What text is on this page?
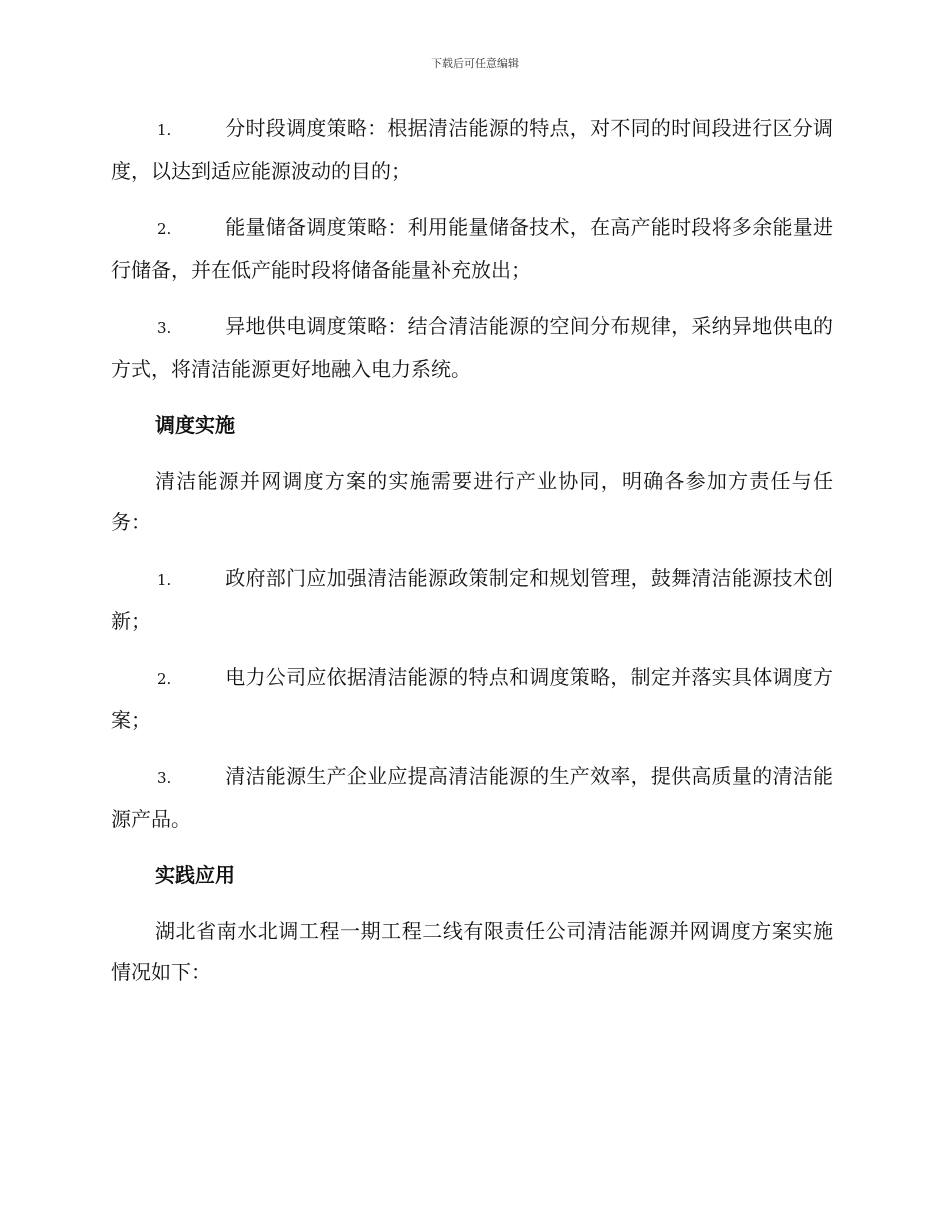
下载后可任意编辑
1.	分时段调度策略：根据清洁能源的特点，对不同的时间段进行区分调度，以达到适应能源波动的目的；
2.	能量储备调度策略：利用能量储备技术，在高产能时段将多余能量进行储备，并在低产能时段将储备能量补充放出；
3.	异地供电调度策略：结合清洁能源的空间分布规律，采纳异地供电的方式，将清洁能源更好地融入电力系统。
调度实施
清洁能源并网调度方案的实施需要进行产业协同，明确各参加方责任与任务：
1.	政府部门应加强清洁能源政策制定和规划管理，鼓舞清洁能源技术创新；
2.	电力公司应依据清洁能源的特点和调度策略，制定并落实具体调度方案；
3.	清洁能源生产企业应提高清洁能源的生产效率，提供高质量的清洁能源产品。
实践应用
湖北省南水北调工程一期工程二线有限责任公司清洁能源并网调度方案实施情况如下：
